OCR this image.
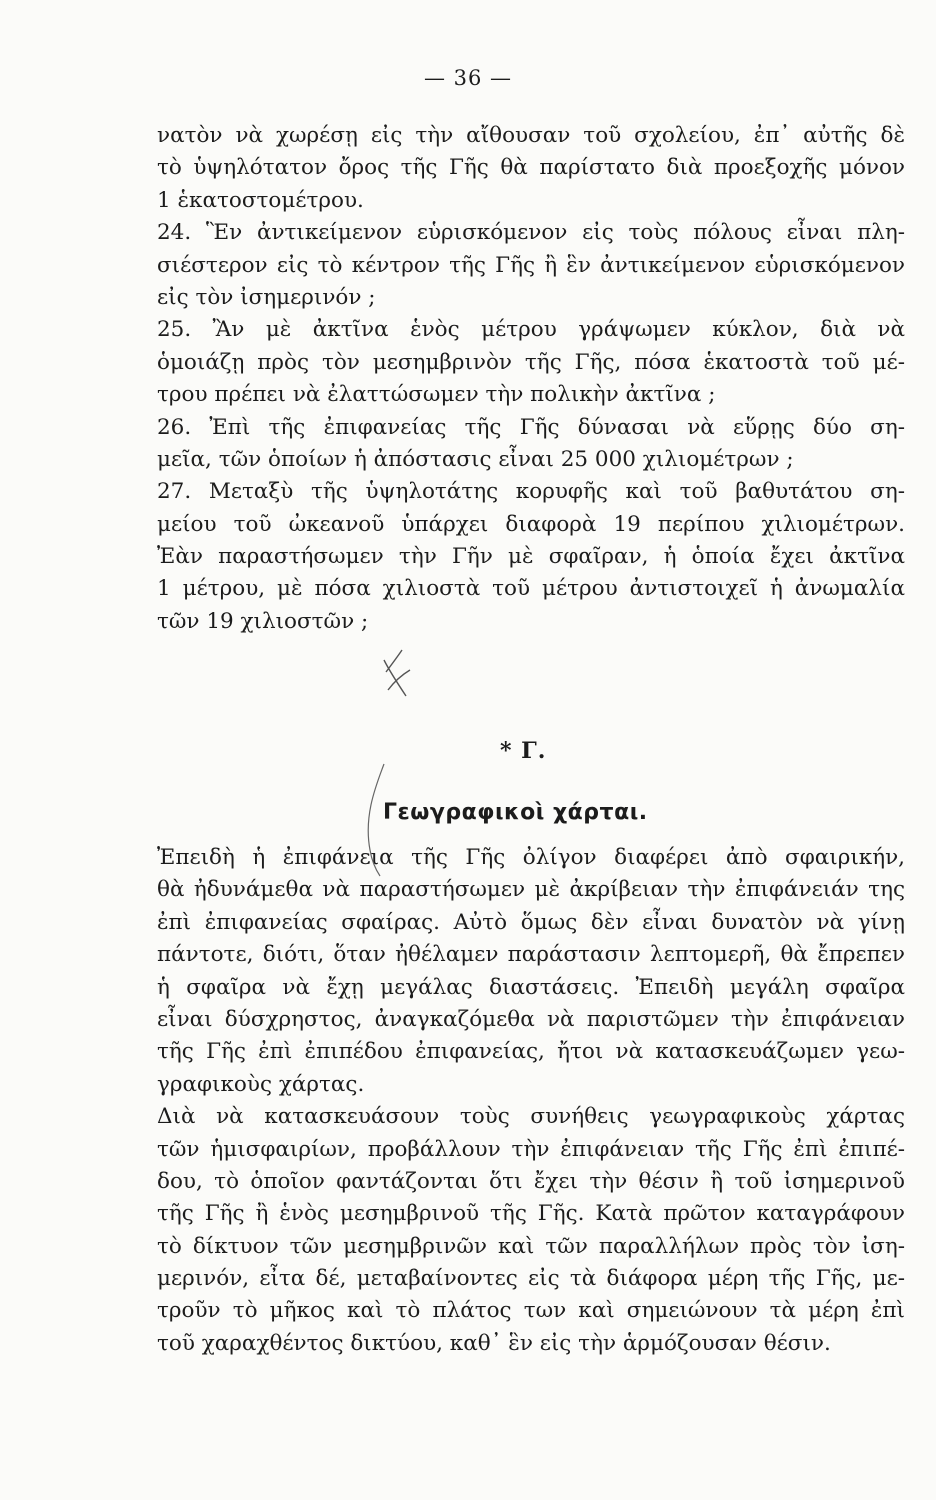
— 36 —
νατὸν νὰ χωρέσῃ εἰς τὴν αἴθουσαν τοῦ σχολείου, ἐπ᾽ αὐτῆς δὲ
τὸ ὑψηλότατον ὄρος τῆς Γῆς θὰ παρίστατο διὰ προεξοχῆς μόνον
1 ἑκατοστομέτρου.
24. Ἓν ἀντικείμενον εὑρισκόμενον εἰς τοὺς πόλους εἶναι πλη-
σιέστερον εἰς τὸ κέντρον τῆς Γῆς ἢ ἓν ἀντικείμενον εὑρισκόμενον
εἰς τὸν ἰσημερινόν ;
25. Ἂν μὲ ἀκτῖνα ἑνὸς μέτρου γράψωμεν κύκλον, διὰ νὰ
ὁμοιάζῃ πρὸς τὸν μεσημβρινὸν τῆς Γῆς, πόσα ἑκατοστὰ τοῦ μέ-
τρου πρέπει νὰ ἐλαττώσωμεν τὴν πολικὴν ἀκτῖνα ;
26. Ἐπὶ τῆς ἐπιφανείας τῆς Γῆς δύνασαι νὰ εὕρῃς δύο ση-
μεῖα, τῶν ὁποίων ἡ ἀπόστασις εἶναι 25 000 χιλιομέτρων ;
27. Μεταξὺ τῆς ὑψηλοτάτης κορυφῆς καὶ τοῦ βαθυτάτου ση-
μείου τοῦ ὠκεανοῦ ὑπάρχει διαφορὰ 19 περίπου χιλιομέτρων.
Ἐὰν παραστήσωμεν τὴν Γῆν μὲ σφαῖραν, ἡ ὁποία ἔχει ἀκτῖνα
1 μέτρου, μὲ πόσα χιλιοστὰ τοῦ μέτρου ἀντιστοιχεῖ ἡ ἀνωμαλία
τῶν 19 χιλιοστῶν ;
* Γ.
Γεωγραφικοὶ χάρται.
Ἐπειδὴ ἡ ἐπιφάνεια τῆς Γῆς ὀλίγον διαφέρει ἀπὸ σφαιρικήν,
θὰ ἠδυνάμεθα νὰ παραστήσωμεν μὲ ἀκρίβειαν τὴν ἐπιφάνειάν της
ἐπὶ ἐπιφανείας σφαίρας. Αὐτὸ ὅμως δὲν εἶναι δυνατὸν νὰ γίνῃ
πάντοτε, διότι, ὅταν ἠθέλαμεν παράστασιν λεπτομερῆ, θὰ ἔπρεπεν
ἡ σφαῖρα νὰ ἔχῃ μεγάλας διαστάσεις. Ἐπειδὴ μεγάλη σφαῖρα
εἶναι δύσχρηστος, ἀναγκαζόμεθα νὰ παριστῶμεν τὴν ἐπιφάνειαν
τῆς Γῆς ἐπὶ ἐπιπέδου ἐπιφανείας, ἤτοι νὰ κατασκευάζωμεν γεω-
γραφικοὺς χάρτας.
Διὰ νὰ κατασκευάσουν τοὺς συνήθεις γεωγραφικοὺς χάρτας
τῶν ἡμισφαιρίων, προβάλλουν τὴν ἐπιφάνειαν τῆς Γῆς ἐπὶ ἐπιπέ-
δου, τὸ ὁποῖον φαντάζονται ὅτι ἔχει τὴν θέσιν ἢ τοῦ ἰσημερινοῦ
τῆς Γῆς ἢ ἑνὸς μεσημβρινοῦ τῆς Γῆς. Κατὰ πρῶτον καταγράφουν
τὸ δίκτυον τῶν μεσημβρινῶν καὶ τῶν παραλλήλων πρὸς τὸν ἰση-
μερινόν, εἶτα δέ, μεταβαίνοντες εἰς τὰ διάφορα μέρη τῆς Γῆς, με-
τροῦν τὸ μῆκος καὶ τὸ πλάτος των καὶ σημειώνουν τὰ μέρη ἐπὶ
τοῦ χαραχθέντος δικτύου, καθ᾽ ἓν εἰς τὴν ἁρμόζουσαν θέσιν.
